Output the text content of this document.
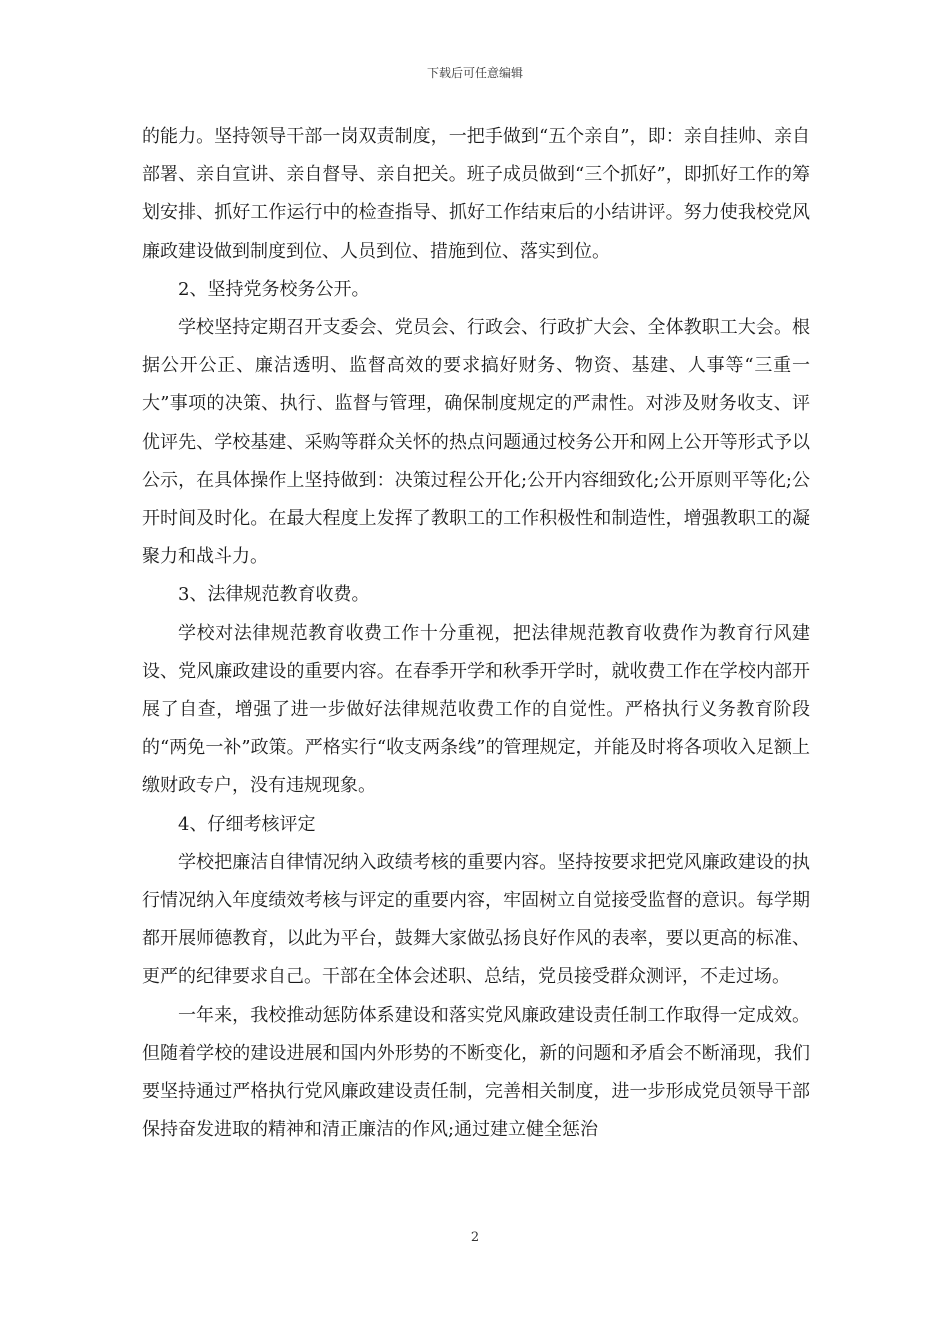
下载后可任意编辑

的能力。坚持领导干部一岗双责制度，一把手做到“五个亲自”，即：亲自挂帅、亲自部署、亲自宣讲、亲自督导、亲自把关。班子成员做到“三个抓好”，即抓好工作的筹划安排、抓好工作运行中的检查指导、抓好工作结束后的小结讲评。努力使我校党风廉政建设做到制度到位、人员到位、措施到位、落实到位。

2、坚持党务校务公开。

学校坚持定期召开支委会、党员会、行政会、行政扩大会、全体教职工大会。根据公开公正、廉洁透明、监督高效的要求搞好财务、物资、基建、人事等“三重一大”事项的决策、执行、监督与管理，确保制度规定的严肃性。对涉及财务收支、评优评先、学校基建、采购等群众关怀的热点问题通过校务公开和网上公开等形式予以公示，在具体操作上坚持做到：决策过程公开化;公开内容细致化;公开原则平等化;公开时间及时化。在最大程度上发挥了教职工的工作积极性和制造性，增强教职工的凝聚力和战斗力。

3、法律规范教育收费。

学校对法律规范教育收费工作十分重视，把法律规范教育收费作为教育行风建设、党风廉政建设的重要内容。在春季开学和秋季开学时，就收费工作在学校内部开展了自查，增强了进一步做好法律规范收费工作的自觉性。严格执行义务教育阶段的“两免一补”政策。严格实行“收支两条线”的管理规定，并能及时将各项收入足额上缴财政专户，没有违规现象。

4、仔细考核评定

学校把廉洁自律情况纳入政绩考核的重要内容。坚持按要求把党风廉政建设的执行情况纳入年度绩效考核与评定的重要内容，牢固树立自觉接受监督的意识。每学期都开展师德教育，以此为平台，鼓舞大家做弘扬良好作风的表率，要以更高的标准、更严的纪律要求自己。干部在全体会述职、总结，党员接受群众测评，不走过场。

一年来，我校推动惩防体系建设和落实党风廉政建设责任制工作取得一定成效。但随着学校的建设进展和国内外形势的不断变化，新的问题和矛盾会不断涌现，我们要坚持通过严格执行党风廉政建设责任制，完善相关制度，进一步形成党员领导干部保持奋发进取的精神和清正廉洁的作风;通过建立健全惩治

2
